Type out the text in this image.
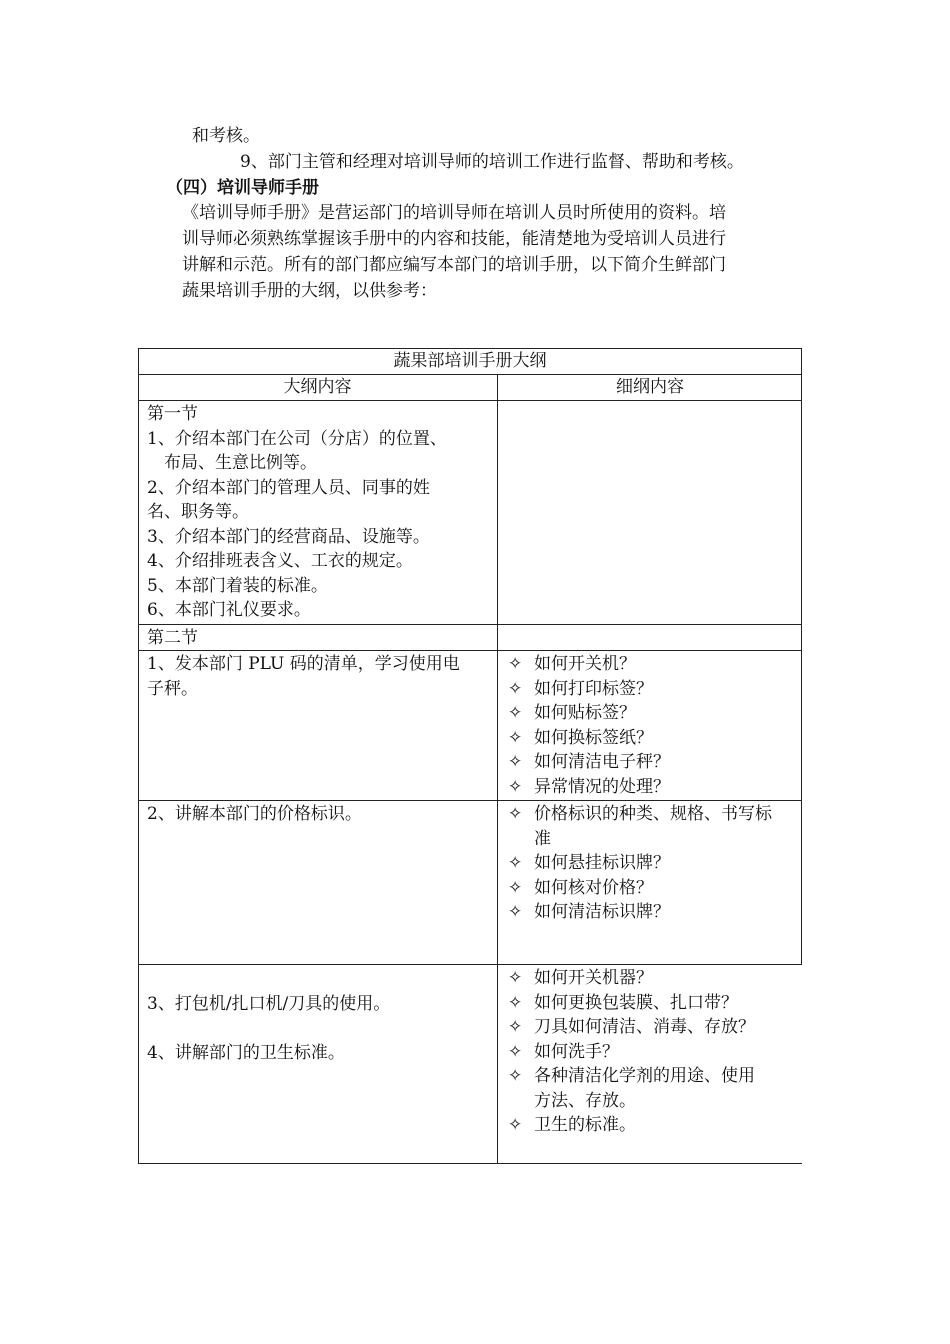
和考核。
9、部门主管和经理对培训导师的培训工作进行监督、帮助和考核。
（四）培训导师手册
《培训导师手册》是营运部门的培训导师在培训人员时所使用的资料。培
训导师必须熟练掌握该手册中的内容和技能，能清楚地为受培训人员进行
讲解和示范。所有的部门都应编写本部门的培训手册，以下简介生鲜部门
蔬果培训手册的大纲，以供参考：
蔬果部培训手册大纲
大纲内容	细纲内容
第一节
1、介绍本部门在公司（分店）的位置、
布局、生意比例等。
2、介绍本部门的管理人员、同事的姓
名、职务等。
3、介绍本部门的经营商品、设施等。
4、介绍排班表含义、工衣的规定。
5、本部门着装的标准。
6、本部门礼仪要求。
第二节
1、发本部门 PLU 码的清单，学习使用电
子秤。
✧ 如何开关机？
✧ 如何打印标签？
✧ 如何贴标签？
✧ 如何换标签纸？
✧ 如何清洁电子秤？
✧ 异常情况的处理？
2、讲解本部门的价格标识。	✧ 价格标识的种类、规格、书写标
准
✧ 如何悬挂标识牌？
✧ 如何核对价格？
✧ 如何清洁标识牌？
3、打包机/扎口机/刀具的使用。
4、讲解部门的卫生标准。
✧ 如何开关机器？
✧ 如何更换包装膜、扎口带？
✧ 刀具如何清洁、消毒、存放？
✧ 如何洗手？
✧ 各种清洁化学剂的用途、使用
方法、存放。
✧ 卫生的标准。
